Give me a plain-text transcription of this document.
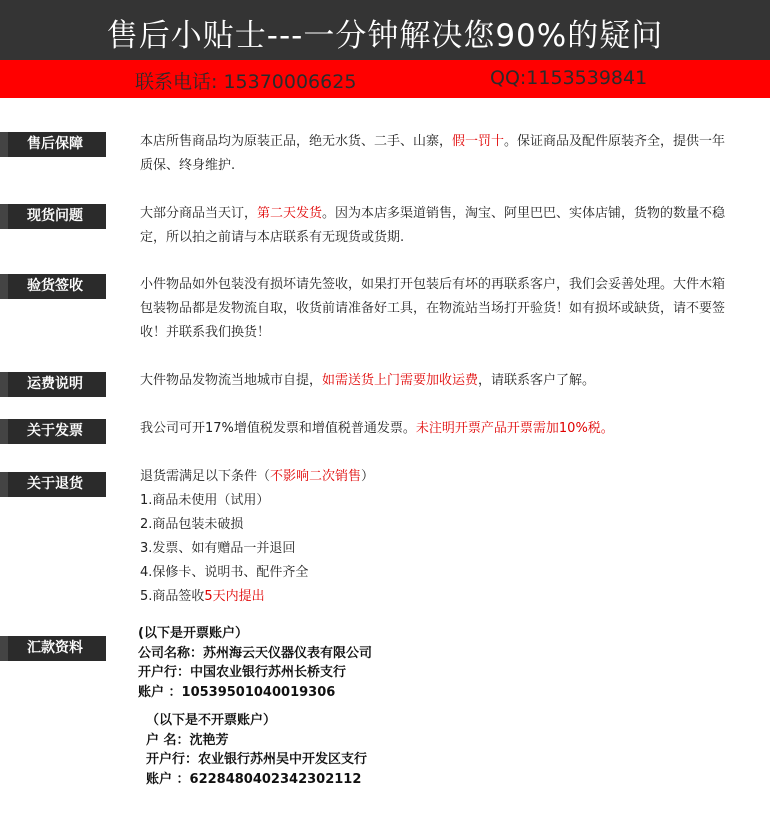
售后小贴士---一分钟解决您90%的疑问
联系电话: 15370006625	QQ:1153539841
售后保障	本店所售商品均为原装正品，绝无水货、二手、山寨，假一罚十。保证商品及配件原装齐全，提供一年质保、终身维护.
现货问题	大部分商品当天订，第二天发货。因为本店多渠道销售，淘宝、阿里巴巴、实体店铺，货物的数量不稳定，所以拍之前请与本店联系有无现货或货期.
验货签收	小件物品如外包装没有损坏请先签收，如果打开包装后有坏的再联系客户，我们会妥善处理。大件木箱包装物品都是发物流自取，收货前请准备好工具，在物流站当场打开验货！如有损坏或缺货，请不要签收！并联系我们换货！
运费说明	大件物品发物流当地城市自提，如需送货上门需要加收运费，请联系客户了解。
关于发票	我公司可开17%增值税发票和增值税普通发票。未注明开票产品开票需加10%税。
关于退货	退货需满足以下条件（不影响二次销售）
1.商品未使用（试用）
2.商品包装未破损
3.发票、如有赠品一并退回
4.保修卡、说明书、配件齐全
5.商品签收5天内提出
汇款资料
(以下是开票账户）
公司名称：苏州海云天仪器仪表有限公司
开户行：中国农业银行苏州长桥支行
账户 ：10539501040019306
（以下是不开票账户）
户 名：沈艳芳
开户行：农业银行苏州吴中开发区支行
账户 ：6228480402342302112
